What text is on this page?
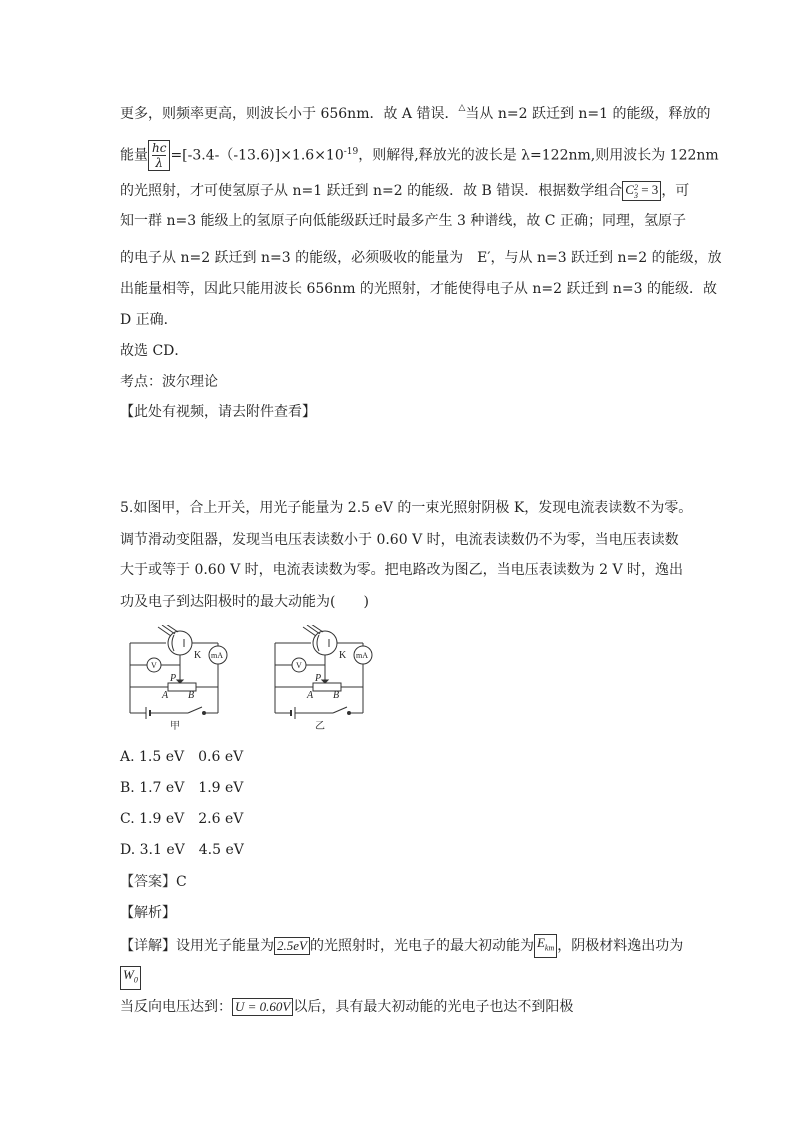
更多，则频率更高，则波长小于 656nm．故 A 错误．△当从 n=2 跃迁到 n=1 的能级，释放的
能量 $\frac{hc}{\lambda} =[-3.4-(-13.6)]\times 1.6\times 10^{-19}$，则解得,释放光的波长是 λ=122nm,则用波长为 122nm
的光照射，才可使氢原子从 n=1 跃迁到 n=2 的能级．故 B 错误．根据数学组合 C 2
3 = 3 ，可
知一群 n=3 能级上的氢原子向低能级跃迁时最多产生 3 种谱线，故 C 正确；同理，氢原子
的电子从 n=2 跃迁到 n=3 的能级，必须吸收的能量为　E′，与从 n=3 跃迁到 n=2 的能级，放
出能量相等，因此只能用波长 656nm 的光照射，才能使得电子从 n=2 跃迁到 n=3 的能级．故
D 正确．
故选 CD．
考点：波尔理论
【此处有视频，请去附件查看】
5.如图甲，合上开关，用光子能量为 2.5 eV 的一束光照射阴极 K，发现电流表读数不为零。
调节滑动变阻器，发现当电压表读数小于 0.60 V 时，电流表读数仍不为零，当电压表读数
大于或等于 0.60 V 时，电流表读数为零。把电路改为图乙，当电压表读数为 2 V 时，逸出
功及电子到达阳极时的最大动能为(　　)
K mA
V
P
A B
甲
K mA
V
P
A B
乙
A. 1.5 eV　0.6 eV
B. 1.7 eV　1.9 eV
C. 1.9 eV　2.6 eV
D. 3.1 eV　4.5 eV
【答案】C
【解析】
【详解】设用光子能量为 2.5eV 的光照射时，光电子的最大初动能为 $E_{km}$ ，阴极材料逸出功为
$W_0$
当反向电压达到： U = 0.60V 以后，具有最大初动能的光电子也达不到阳极
